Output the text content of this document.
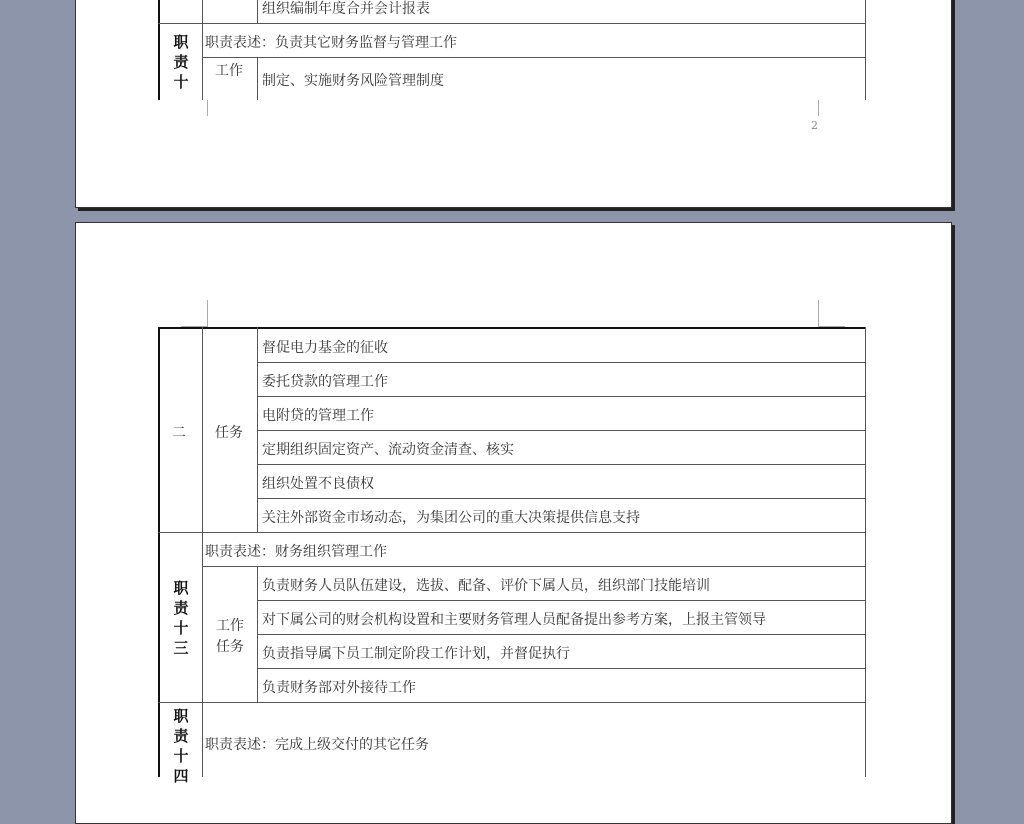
组织编制年度合并会计报表
职责十
职责表述：负责其它财务监督与管理工作
工作
制定、实施财务风险管理制度
2
二 任务
督促电力基金的征收
委托贷款的管理工作
电附贷的管理工作
定期组织固定资产、流动资金清查、核实
组织处置不良债权
关注外部资金市场动态，为集团公司的重大决策提供信息支持
职责十三
职责表述：财务组织管理工作
工作
任务
负责财务人员队伍建设，选拔、配备、评价下属人员，组织部门技能培训
对下属公司的财会机构设置和主要财务管理人员配备提出参考方案，上报主管领导
负责指导属下员工制定阶段工作计划，并督促执行
负责财务部对外接待工作
职责十四
职责表述：完成上级交付的其它任务
